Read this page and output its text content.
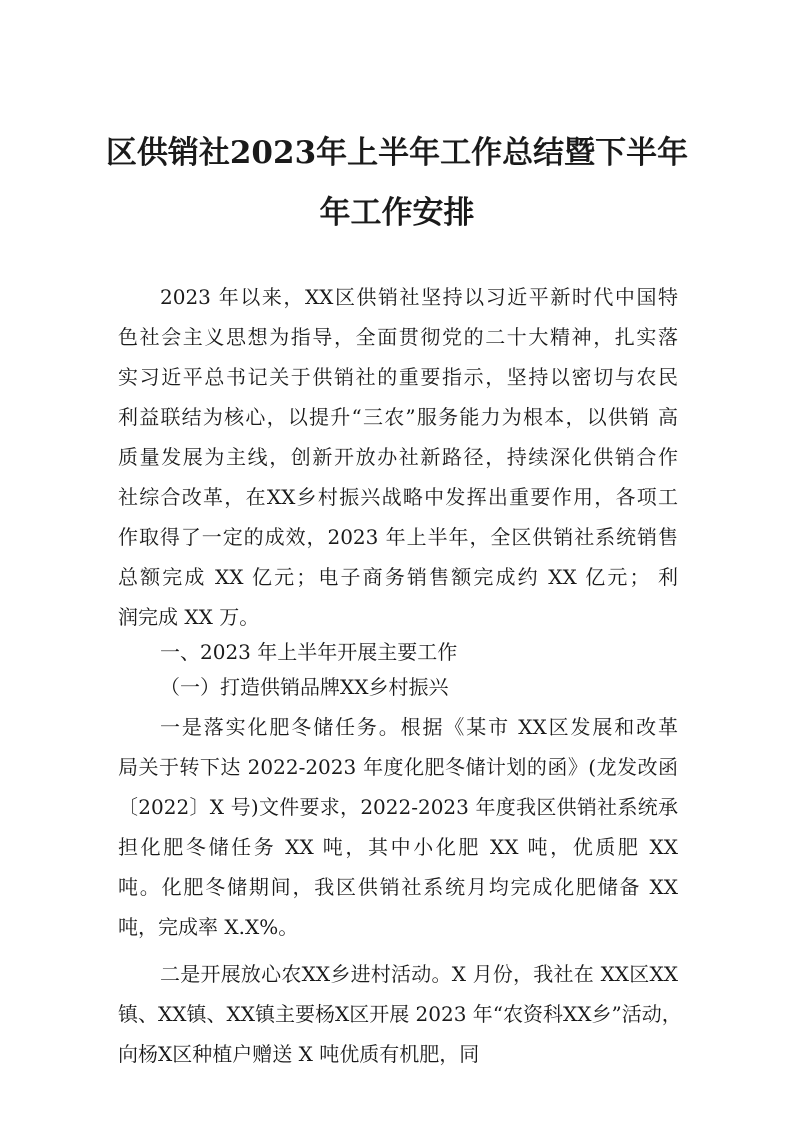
区供销社2023年上半年工作总结暨下半年
年工作安排
2023 年以来，XX区供销社坚持以习近平新时代中国特
色社会主义思想为指导，全面贯彻党的二十大精神，扎实落
实习近平总书记关于供销社的重要指示，坚持以密切与农民
利益联结为核心，以提升“三农”服务能力为根本，以供销 高
质量发展为主线，创新开放办社新路径，持续深化供销合作
社综合改革，在XX乡村振兴战略中发挥出重要作用，各项工
作取得了一定的成效，2023 年上半年，全区供销社系统销售
总额完成 XX 亿元；电子商务销售额完成约 XX 亿元； 利
润完成 XX 万。
一、2023 年上半年开展主要工作
（一）打造供销品牌XX乡村振兴
一是落实化肥冬储任务。根据《某市 XX区发展和改革
局关于转下达 2022-2023 年度化肥冬储计划的函》(龙发改函
〔2022〕X 号)文件要求，2022-2023 年度我区供销社系统承
担化肥冬储任务 XX 吨，其中小化肥 XX 吨，优质肥 XX
吨。化肥冬储期间，我区供销社系统月均完成化肥储备 XX
吨，完成率 X.X%。
二是开展放心农XX乡进村活动。X 月份，我社在 XX区XX
镇、XX镇、XX镇主要杨X区开展 2023 年“农资科XX乡”活动，
向杨X区种植户赠送 X 吨优质有机肥，同
